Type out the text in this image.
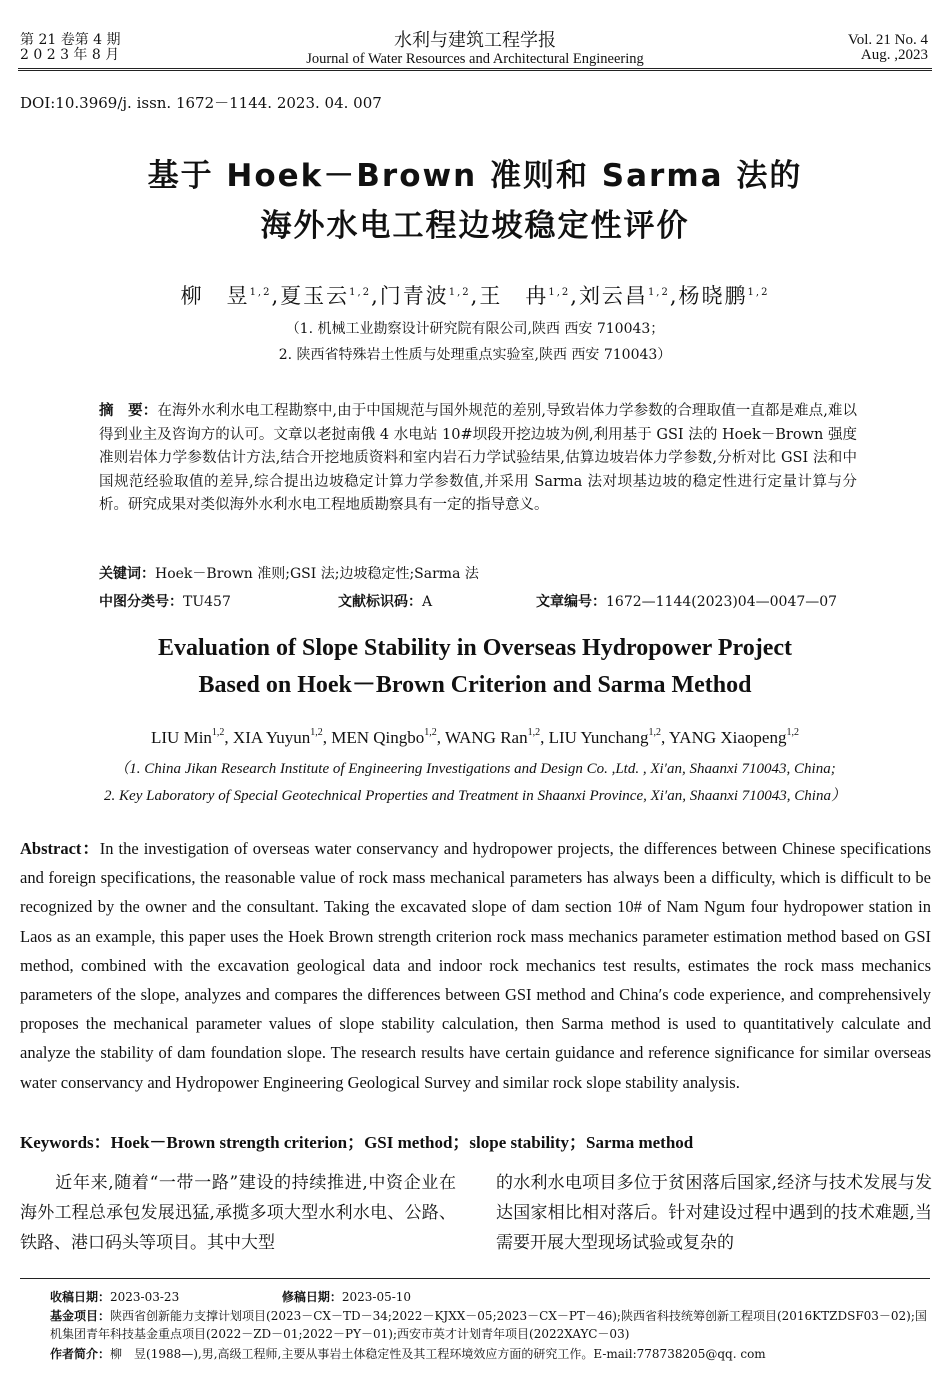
第 21 卷第 4 期
2 0 2 3 年 8 月
水利与建筑工程学报
Journal of Water Resources and Architectural Engineering
Vol. 21 No. 4
Aug. ,2023
DOI:10.3969/j. issn. 1672－1144. 2023. 04. 007
基于 Hoek－Brown 准则和 Sarma 法的
海外水电工程边坡稳定性评价
柳　昱$^{1,2}$,夏玉云$^{1,2}$,门青波$^{1,2}$,王　冉$^{1,2}$,刘云昌$^{1,2}$,杨晓鹏$^{1,2}$
（1. 机械工业勘察设计研究院有限公司,陕西 西安 710043；
2. 陕西省特殊岩土性质与处理重点实验室,陕西 西安 710043）
摘　要：在海外水利水电工程勘察中,由于中国规范与国外规范的差别,导致岩体力学参数的合理取值一直都是难点,难以得到业主及咨询方的认可。文章以老挝南俄 4 水电站 10#坝段开挖边坡为例,利用基于 GSI 法的 Hoek－Brown 强度准则岩体力学参数估计方法,结合开挖地质资料和室内岩石力学试验结果,估算边坡岩体力学参数,分析对比 GSI 法和中国规范经验取值的差异,综合提出边坡稳定计算力学参数值,并采用 Sarma 法对坝基边坡的稳定性进行定量计算与分析。研究成果对类似海外水利水电工程地质勘察具有一定的指导意义。
关键词：Hoek－Brown 准则;GSI 法;边坡稳定性;Sarma 法
中图分类号：TU457	文献标识码：A	文章编号：1672—1144(2023)04—0047—07
Evaluation of Slope Stability in Overseas Hydropower Project
Based on Hoek－Brown Criterion and Sarma Method
LIU Min$^{1,2}$, XIA Yuyun$^{1,2}$, MEN Qingbo$^{1,2}$, WANG Ran$^{1,2}$, LIU Yunchang$^{1,2}$, YANG Xiaopeng$^{1,2}$
（1. China Jikan Research Institute of Engineering Investigations and Design Co. ,Ltd. , Xi′an, Shaanxi 710043, China;
2. Key Laboratory of Special Geotechnical Properties and Treatment in Shaanxi Province, Xi′an, Shaanxi 710043, China）
Abstract：In the investigation of overseas water conservancy and hydropower projects, the differences between Chinese specifications and foreign specifications, the reasonable value of rock mass mechanical parameters has always been a difficulty, which is difficult to be recognized by the owner and the consultant. Taking the excavated slope of dam section 10# of Nam Ngum four hydropower station in Laos as an example, this paper uses the Hoek Brown strength criterion rock mass mechanics parameter estimation method based on GSI method, combined with the excavation geological data and indoor rock mechanics test results, estimates the rock mass mechanics parameters of the slope, analyzes and compares the differences between GSI method and China′s code experience, and comprehensively proposes the mechanical parameter values of slope stability calculation, then Sarma method is used to quantitatively calculate and analyze the stability of dam foundation slope. The research results have certain guidance and reference significance for similar overseas water conservancy and Hydropower Engineering Geological Survey and similar rock slope stability analysis.
Keywords：Hoek－Brown strength criterion；GSI method；slope stability；Sarma method
　　近年来,随着“一带一路”建设的持续推进,中资企业在海外工程总承包发展迅猛,承揽多项大型水利水电、公路、铁路、港口码头等项目。其中大型
的水利水电项目多位于贫困落后国家,经济与技术发展与发达国家相比相对落后。针对建设过程中遇到的技术难题,当需要开展大型现场试验或复杂的
收稿日期：2023-03-23	修稿日期：2023-05-10
基金项目：陕西省创新能力支撑计划项目(2023－CX－TD－34;2022－KJXX－05;2023－CX－PT－46);陕西省科技统筹创新工程项目(2016KTZDSF03－02);国机集团青年科技基金重点项目(2022－ZD－01;2022－PY－01);西安市英才计划青年项目(2022XAYC－03)
作者简介：柳　昱(1988—),男,高级工程师,主要从事岩土体稳定性及其工程环境效应方面的研究工作。E-mail:778738205@qq. com
